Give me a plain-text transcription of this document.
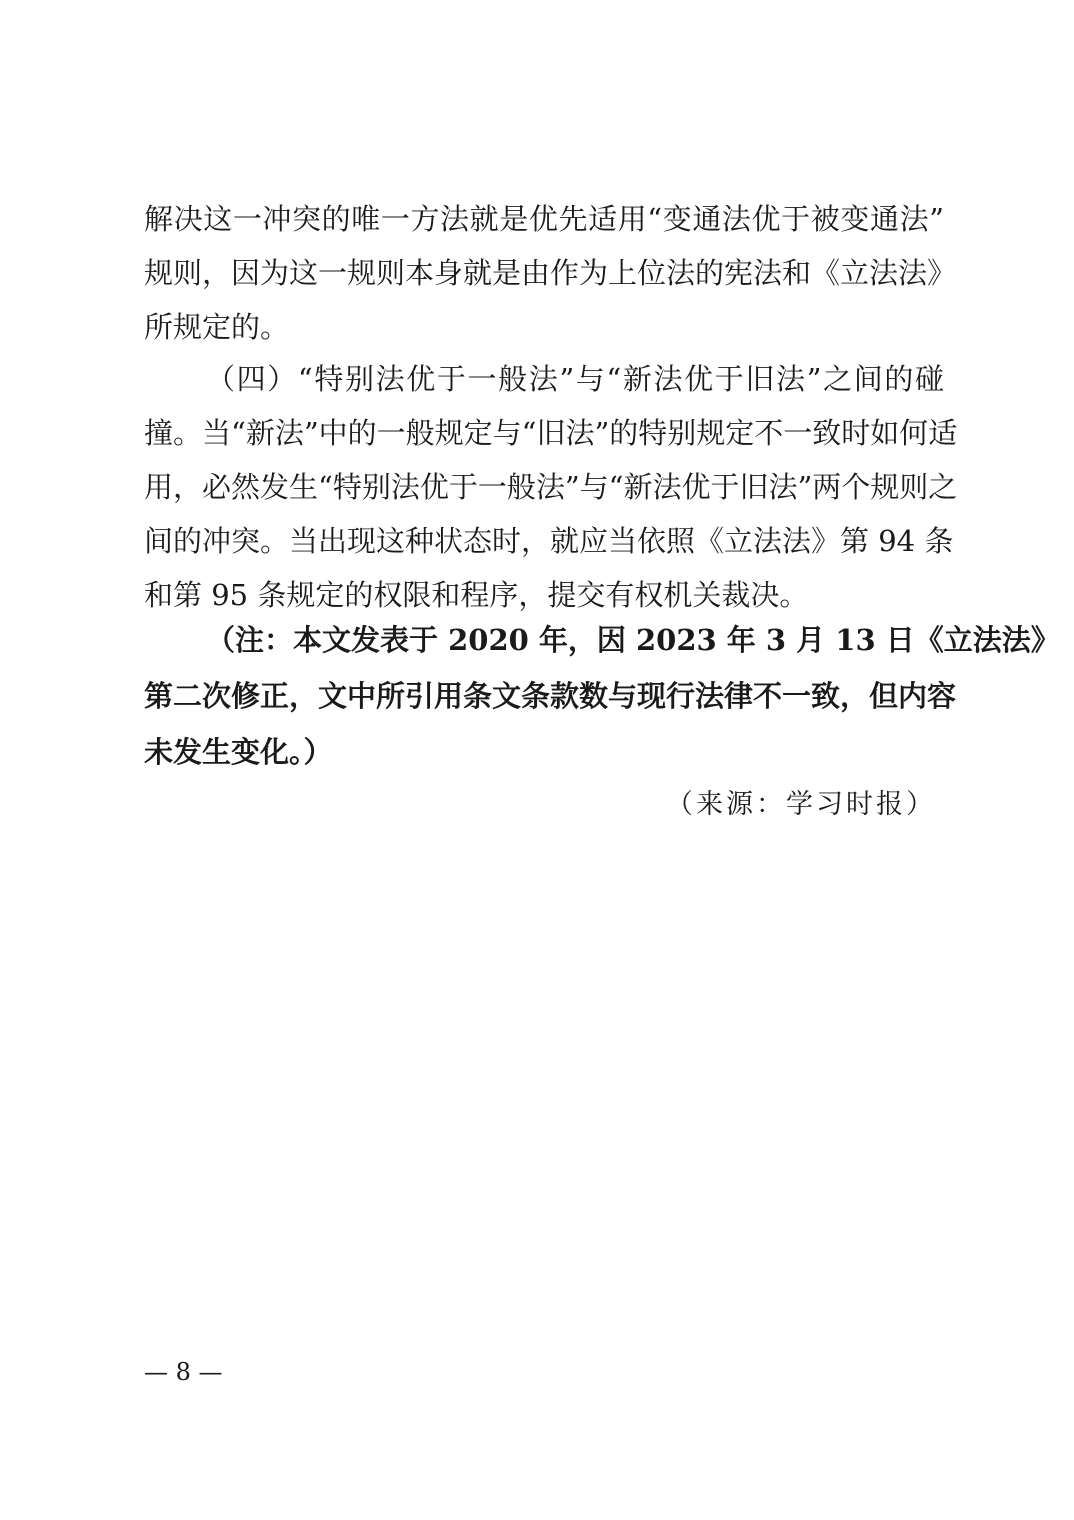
解决这一冲突的唯一方法就是优先适用“变通法优于被变通法”
规则，因为这一规则本身就是由作为上位法的宪法和《立法法》
所规定的。
（四）“特别法优于一般法”与“新法优于旧法”之间的碰
撞。当“新法”中的一般规定与“旧法”的特别规定不一致时如何适
用，必然发生“特别法优于一般法”与“新法优于旧法”两个规则之
间的冲突。当出现这种状态时，就应当依照《立法法》第 94 条
和第 95 条规定的权限和程序，提交有权机关裁决。
（注：本文发表于 2020 年，因 2023 年 3 月 13 日《立法法》
第二次修正，文中所引用条文条款数与现行法律不一致，但内容
未发生变化。）
（来源：学习时报）
— 8 —
